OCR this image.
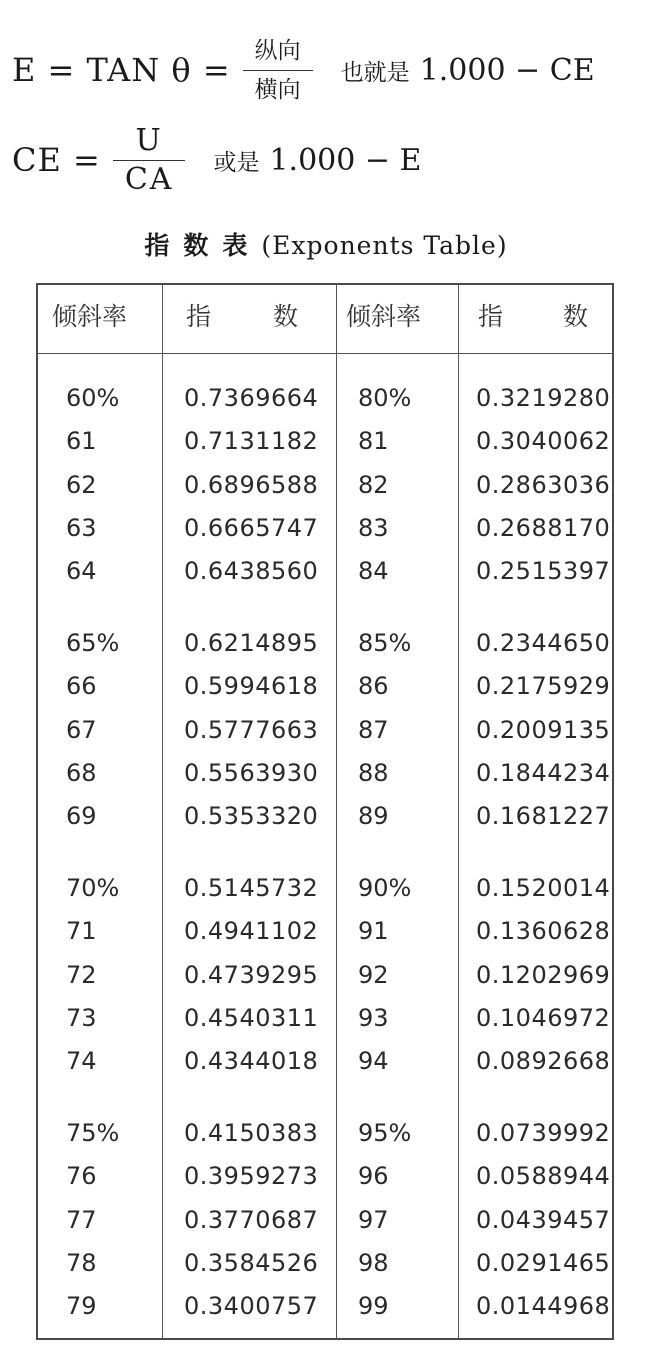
E = TAN $\theta = \frac{\text{纵向}}{\text{横向}}$ 也就是 1.000 − CE
CE = $\frac{U}{CA}$ 或是 1.000 − E
指数表(Exponents Table)
倾斜率 指 数 倾斜率 指 数
60%	0.7369664 80%	0.3219280
61	0.7131182 81	0.3040062
62	0.6896588 82	0.2863036
63	0.6665747 83	0.2688170
64	0.6438560 84	0.2515397
65%	0.6214895 85%	0.2344650
66	0.5994618 86	0.2175929
67	0.5777663 87	0.2009135
68	0.5563930 88	0.1844234
69	0.5353320 89	0.1681227
70%	0.5145732 90%	0.1520014
71	0.4941102 91	0.1360628
72	0.4739295 92	0.1202969
73	0.4540311 93	0.1046972
74	0.4344018 94	0.0892668
75%	0.4150383 95%	0.0739992
76	0.3959273 96	0.0588944
77	0.3770687 97	0.0439457
78	0.3584526 98	0.0291465
79	0.3400757 99	0.0144968
